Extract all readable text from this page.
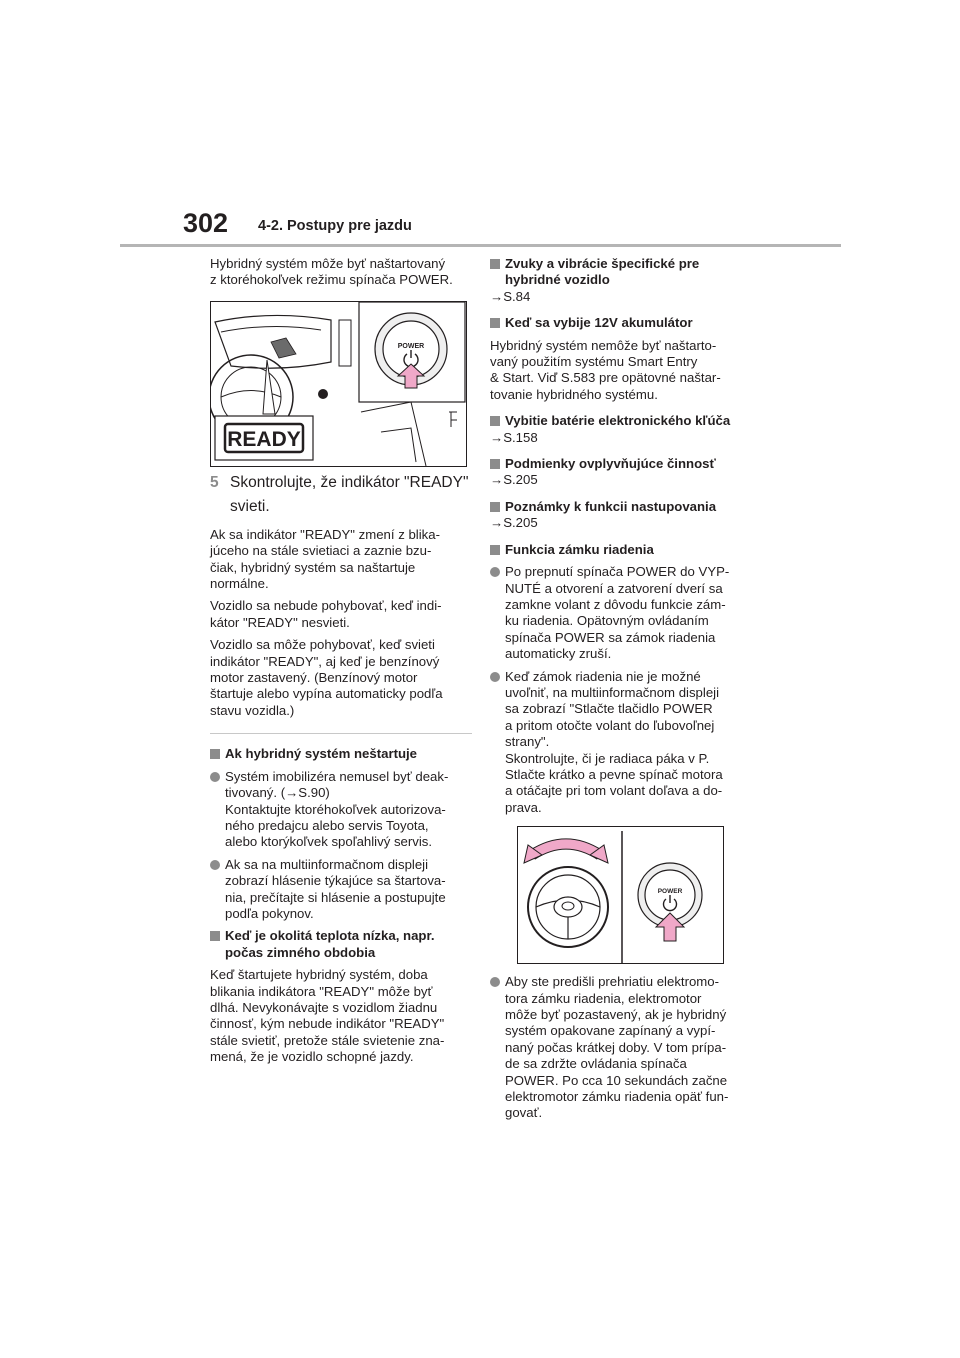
302 4-2. Postupy pre jazdu

Hybridný systém môže byť naštartovaný
z ktoréhokoľvek režimu spínača POWER.

READY
POWER
5 Skontrolujte, že indikátor "READY"
svieti.

Ak sa indikátor "READY" zmení z blika-
júceho na stále svietiaci a zaznie bzu-
čiak, hybridný systém sa naštartuje
normálne.

Vozidlo sa nebude pohybovať, keď indi-
kátor "READY" nesvieti.

Vozidlo sa môže pohybovať, keď svieti
indikátor "READY", aj keď je benzínový
motor zastavený. (Benzínový motor
štartuje alebo vypína automaticky podľa
stavu vozidla.)

Ak hybridný systém neštartuje

Systém imobilizéra nemusel byť deak-
tivovaný. (→S.90)
Kontaktujte ktoréhokoľvek autorizova-
ného predajcu alebo servis Toyota,
alebo ktorýkoľvek spoľahlivý servis.

Ak sa na multiinformačnom displeji
zobrazí hlásenie týkajúce sa štartova-
nia, prečítajte si hlásenie a postupujte
podľa pokynov.

Keď je okolitá teplota nízka, napr.
počas zimného obdobia

Keď štartujete hybridný systém, doba
blikania indikátora "READY" môže byť
dlhá. Nevykonávajte s vozidlom žiadnu
činnosť, kým nebude indikátor "READY"
stále svietiť, pretože stále svietenie zna-
mená, že je vozidlo schopné jazdy.

Zvuky a vibrácie špecifické pre
hybridné vozidlo

→S.84

Keď sa vybije 12V akumulátor

Hybridný systém nemôže byť naštarto-
vaný použitím systému Smart Entry
& Start. Viď S.583 pre opätovné naštar-
tovanie hybridného systému.

Vybitie batérie elektronického kľúča

→S.158

Podmienky ovplyvňujúce činnosť

→S.205

Poznámky k funkcii nastupovania

→S.205

Funkcia zámku riadenia

Po prepnutí spínača POWER do VYP-
NUTÉ a otvorení a zatvorení dverí sa
zamkne volant z dôvodu funkcie zám-
ku riadenia. Opätovným ovládaním
spínača POWER sa zámok riadenia
automaticky zruší.

Keď zámok riadenia nie je možné
uvoľniť, na multiinformačnom displeji
sa zobrazí "Stlačte tlačidlo POWER
a pritom otočte volant do ľubovoľnej
strany".
Skontrolujte, či je radiaca páka v P.
Stlačte krátko a pevne spínač motora
a otáčajte pri tom volant doľava a do-
prava.

POWER

Aby ste predišli prehriatiu elektromo-
tora zámku riadenia, elektromotor
môže byť pozastavený, ak je hybridný
systém opakovane zapínaný a vypí-
naný počas krátkej doby. V tom prípa-
de sa zdržte ovládania spínača
POWER. Po cca 10 sekundách začne
elektromotor zámku riadenia opäť fun-
govať.
